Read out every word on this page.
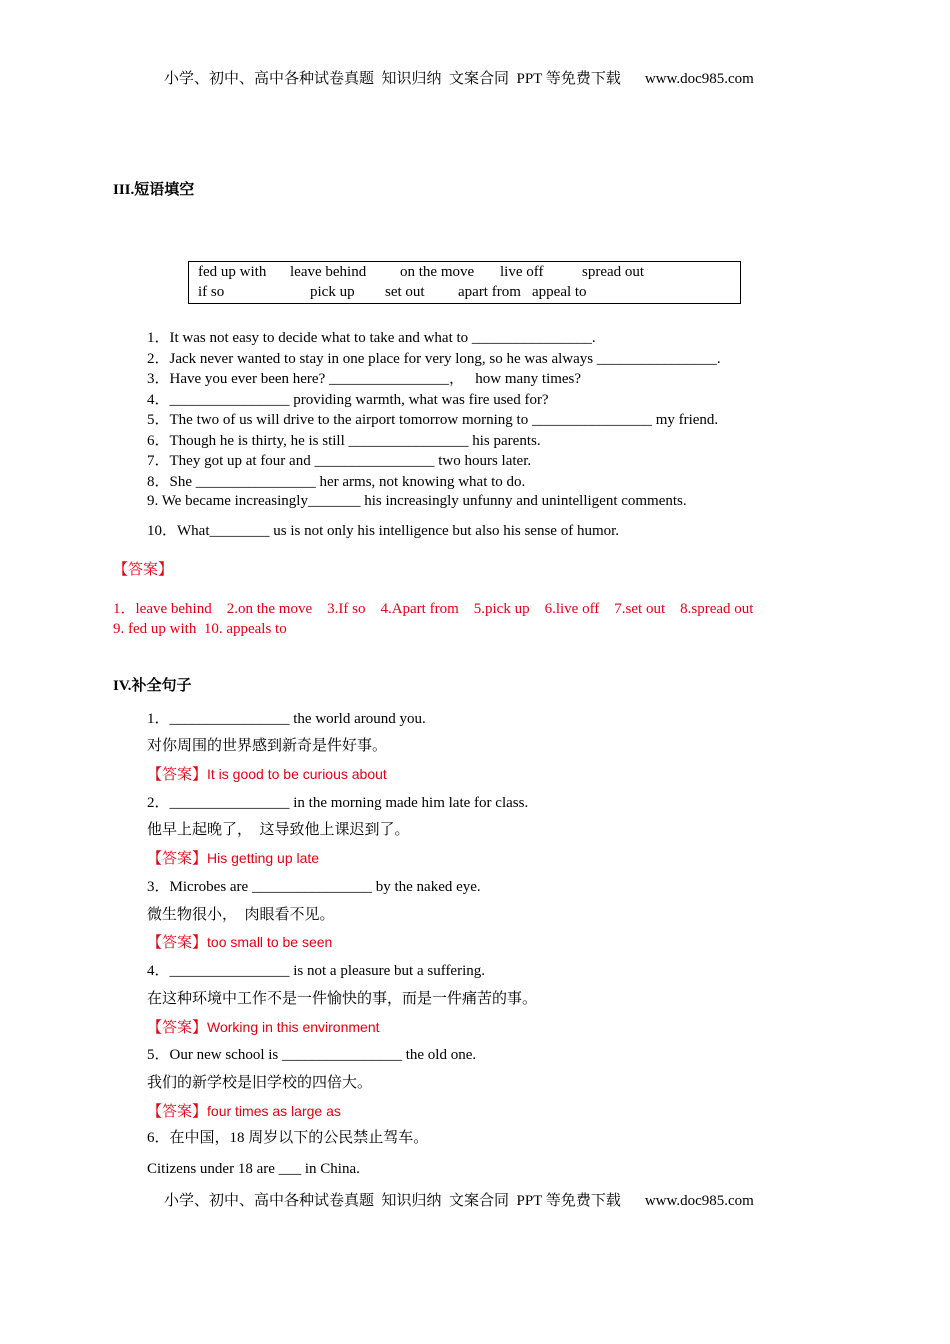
小学、初中、高中各种试卷真题  知识归纳  文案合同  PPT 等免费下载 www.doc985.com
III.短语填空
fed up with leave behind on the move live off	spread out
if so	pick up set out apart from appeal to
1．It was not easy to decide what to take and what to ________________.
2．Jack never wanted to stay in one place for very long, so he was always ________________.
3．Have you ever been here? ________________，   how many times?
4．________________ providing warmth, what was fire used for?
5．The two of us will drive to the airport tomorrow morning to ________________ my friend.
6．Though he is thirty, he is still ________________ his parents.
7．They got up at four and ________________ two hours later.
8．She ________________ her arms, not knowing what to do.
9. We became increasingly_______ his increasingly unfunny and unintelligent comments.
10．What________ us is not only his intelligence but also his sense of humor.
【答案】
1．leave behind    2.on the move    3.If so    4.Apart from    5.pick up    6.live off    7.set out    8.spread out
9. fed up with  10. appeals to
IV.补全句子
1．________________ the world around you.
对你周围的世界感到新奇是件好事。
【答案】It is good to be curious about
2．________________ in the morning made him late for class.
他早上起晚了，  这导致他上课迟到了。
【答案】His getting up late
3．Microbes are ________________ by the naked eye.
微生物很小，  肉眼看不见。
【答案】too small to be seen
4．________________ is not a pleasure but a suffering.
在这种环境中工作不是一件愉快的事，而是一件痛苦的事。
【答案】Working in this environment
5．Our new school is ________________ the old one.
我们的新学校是旧学校的四倍大。
【答案】four times as large as
6．在中国，18 周岁以下的公民禁止驾车。
Citizens under 18 are ___ in China.
小学、初中、高中各种试卷真题  知识归纳  文案合同  PPT 等免费下载 www.doc985.com
